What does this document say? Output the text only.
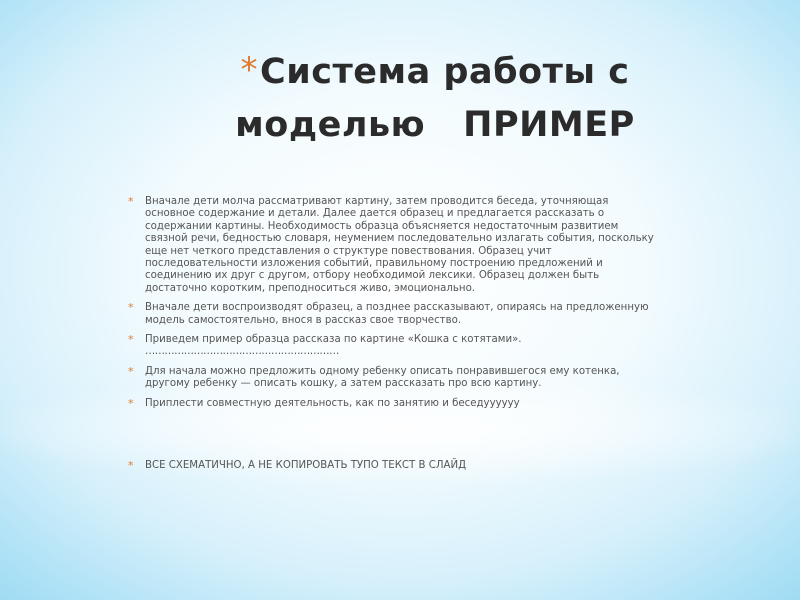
*Система работы с
моделью   ПРИМЕР
* Вначале дети молча рассматривают картину, затем проводится беседа, уточняющая основное содержание и детали. Далее дается образец и предлагается рассказать о содержании картины. Необходимость образца объясняется недостаточным развитием связной речи, бедностью словаря, неумением последовательно излагать события, поскольку еще нет четкого представления о структуре повествования. Образец учит последовательности изложения событий, правильному построению предложений и соединению их друг с другом, отбору необходимой лексики. Образец должен быть достаточно коротким, преподноситься живо, эмоционально.
* Вначале дети воспроизводят образец, а позднее рассказывают, опираясь на предложенную модель самостоятельно, внося в рассказ свое творчество.
* Приведем пример образца рассказа по картине «Кошка с котятами».
……………………………………………………
* Для начала можно предложить одному ребенку описать понравившегося ему котенка, другому ребенку — описать кошку, а затем рассказать про всю картину.
* Приплести совместную деятельность, как по занятию и беседуууууу
* ВСЕ СХЕМАТИЧНО, А НЕ КОПИРОВАТЬ ТУПО ТЕКСТ В СЛАЙД
